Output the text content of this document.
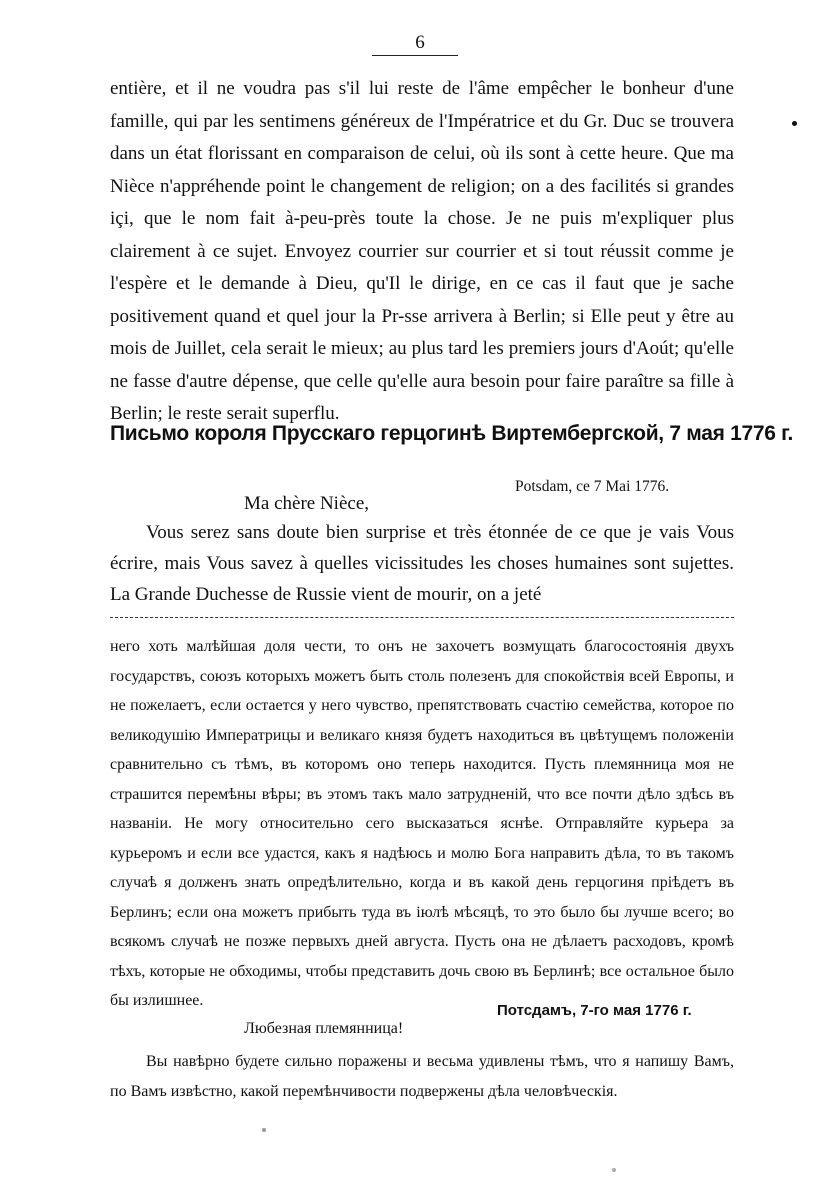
6

entière, et il ne voudra pas s'il lui reste de l'âme empêcher le bonheur d'une famille, qui par les sentimens généreux de l'Impératrice et du Gr. Duc se trouvera dans un état florissant en comparaison de celui, où ils sont à cette heure. Que ma Nièce n'appréhende point le changement de religion; on a des facilités si grandes içi, que le nom fait à-peu-près toute la chose. Je ne puis m'expliquer plus clairement à ce sujet. Envoyez courrier sur courrier et si tout réussit comme je l'espère et le demande à Dieu, qu'Il le dirige, en ce cas il faut que je sache positivement quand et quel jour la Pr-sse arrivera à Berlin; si Elle peut y être au mois de Juillet, cela serait le mieux; au plus tard les premiers jours d'Aoút; qu'elle ne fasse d'autre dépense, que celle qu'elle aura besoin pour faire paraître sa fille à Berlin; le reste serait superflu.

Письмо короля Прусскаго герцогинѣ Виртембергской, 7 мая 1776 г.
Potsdam, ce 7 Mai 1776.
Ma chère Nièce,

Vous serez sans doute bien surprise et très étonnée de ce que je vais Vous écrire, mais Vous savez à quelles vicissitudes les choses humaines sont sujettes. La Grande Duchesse de Russie vient de mourir, on a jeté

него хоть малѣйшая доля чести, то онъ не захочетъ возмущать благосостоянія двухъ государствъ, союзъ которыхъ можетъ быть столь полезенъ для спокойствія всей Европы, и не пожелаетъ, если остается у него чувство, препятствовать счастію семейства, которое по великодушію Императрицы и великаго князя будетъ находиться въ цвѣтущемъ положеніи сравнительно съ тѣмъ, въ которомъ оно теперь находится. Пусть племянница моя не страшится перемѣны вѣры; въ этомъ такъ мало затрудненій, что все почти дѣло здѣсь въ названіи. Не могу относительно сего высказаться яснѣе. Отправляйте курьера за курьеромъ и если все удастся, какъ я надѣюсь и молю Бога направить дѣла, то въ такомъ случаѣ я долженъ знать опредѣлительно, когда и въ какой день герцогиня пріѣдетъ въ Берлинъ; если она можетъ прибыть туда въ іюлѣ мѣсяцѣ, то это было бы лучше всего; во всякомъ случаѣ не позже первыхъ дней августа. Пусть она не дѣлаетъ расходовъ, кромѣ тѣхъ, которые не обходимы, чтобы представить дочь свою въ Берлинѣ; все остальное было бы излишнее.

Потсдамъ, 7-го мая 1776 г.
Любезная племянница!

Вы навѣрно будете сильно поражены и весьма удивлены тѣмъ, что я напишу Вамъ, по Вамъ извѣстно, какой перемѣнчивости подвержены дѣла человѣческія.
